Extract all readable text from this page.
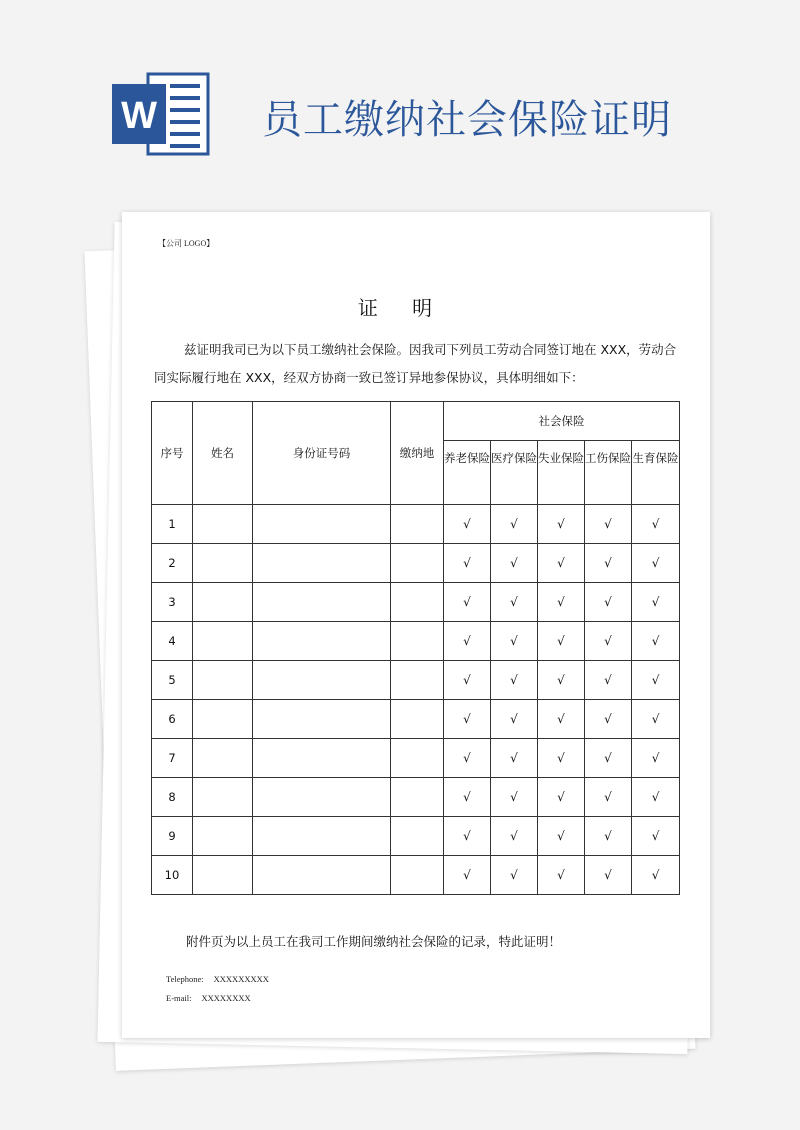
W	员工缴纳社会保险证明
【公司 LOGO】
证 明
兹证明我司已为以下员工缴纳社会保险。因我司下列员工劳动合同签订地在 XXX，劳动合同实际履行地在 XXX，经双方协商一致已签订异地参保协议，具体明细如下：
序号	姓名	身份证号码	缴纳地	社会保险				
				养老保险	医疗保险	失业保险	工伤保险	生育保险
1				√	√	√	√	√
2				√	√	√	√	√
3				√	√	√	√	√
4				√	√	√	√	√
5				√	√	√	√	√
6				√	√	√	√	√
7				√	√	√	√	√
8				√	√	√	√	√
9				√	√	√	√	√
10				√	√	√	√	√
附件页为以上员工在我司工作期间缴纳社会保险的记录，特此证明！
Telephone: XXXXXXXXX
E-mail: XXXXXXXX
